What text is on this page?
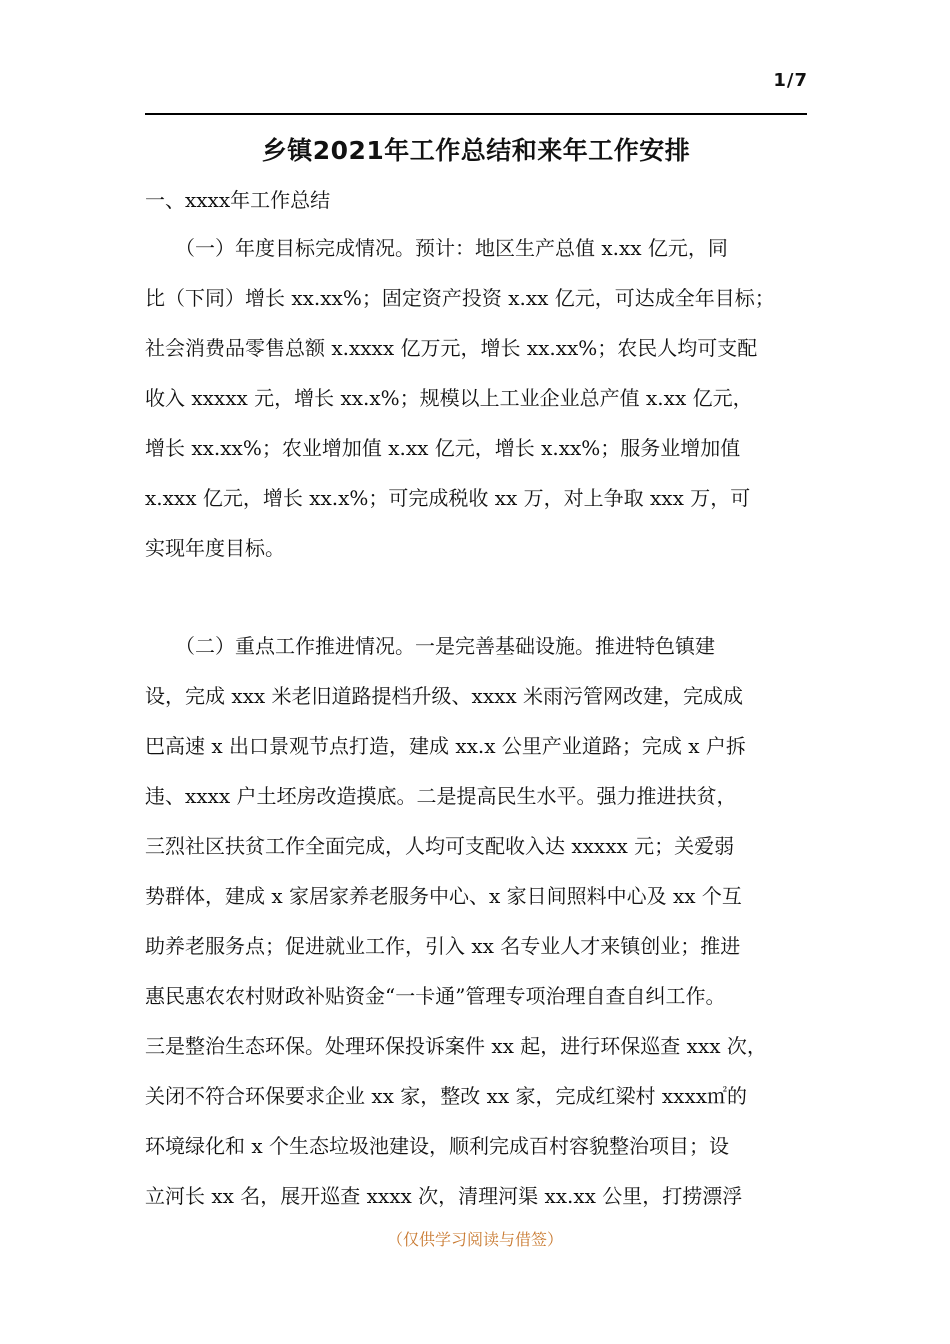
1/7
乡镇2021年工作总结和来年工作安排
一、xxxx年工作总结
　　（一）年度目标完成情况。预计：地区生产总值 x.xx 亿元，同
比（下同）增长 xx.xx%；固定资产投资 x.xx 亿元，可达成全年目标；
社会消费品零售总额 x.xxxx 亿万元，增长 xx.xx%；农民人均可支配
收入 xxxxx 元，增长 xx.x%；规模以上工业企业总产值 x.xx 亿元，
增长 xx.xx%；农业增加值 x.xx 亿元，增长 x.xx%；服务业增加值
x.xxx 亿元，增长 xx.x%；可完成税收 xx 万，对上争取 xxx 万，可
实现年度目标。
　　（二）重点工作推进情况。一是完善基础设施。推进特色镇建
设，完成 xxx 米老旧道路提档升级、xxxx 米雨污管网改建，完成成
巴高速 x 出口景观节点打造，建成 xx.x 公里产业道路；完成 x 户拆
违、xxxx 户土坯房改造摸底。二是提高民生水平。强力推进扶贫，
三烈社区扶贫工作全面完成，人均可支配收入达 xxxxx 元；关爱弱
势群体，建成 x 家居家养老服务中心、x 家日间照料中心及 xx 个互
助养老服务点；促进就业工作，引入 xx 名专业人才来镇创业；推进
惠民惠农农村财政补贴资金“一卡通”管理专项治理自查自纠工作。
三是整治生态环保。处理环保投诉案件 xx 起，进行环保巡查 xxx 次，
关闭不符合环保要求企业 xx 家，整改 xx 家，完成红梁村 xxxx㎡的
环境绿化和 x 个生态垃圾池建设，顺利完成百村容貌整治项目；设
立河长 xx 名，展开巡查 xxxx 次，清理河渠 xx.xx 公里，打捞漂浮
（仅供学习阅读与借签）
